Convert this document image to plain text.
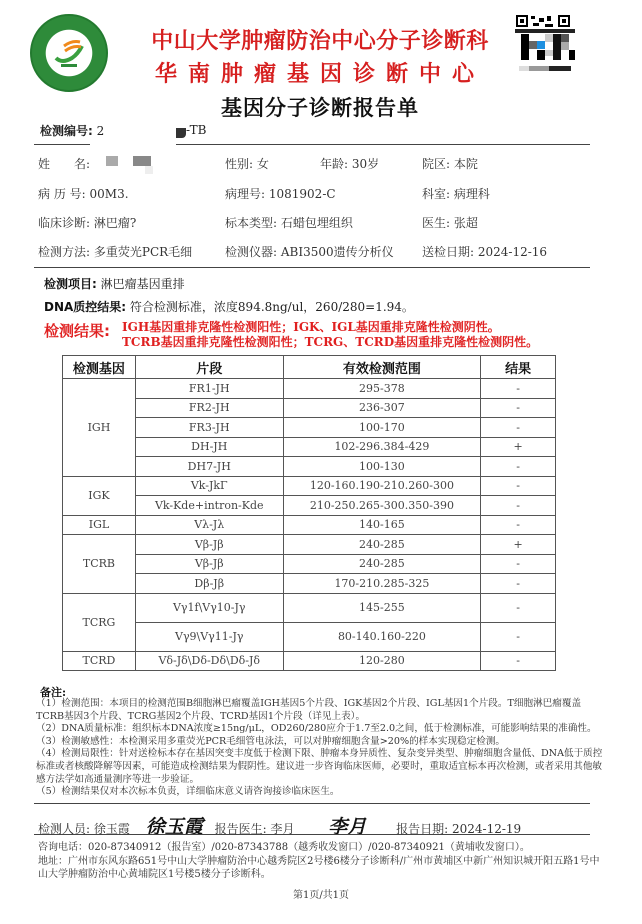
中山大学肿瘤防治中心分子诊断科
华南肿瘤基因诊断中心
基因分子诊断报告单
检测编号: 2	-TB
姓　　名:	性别: 女	年龄: 30岁	院区: 本院
病 历 号: 00M3.	病理号: 1081902-C	科室: 病理科
临床诊断: 淋巴瘤?	标本类型: 石蜡包埋组织	医生: 张超
检测方法: 多重荧光PCR毛细	检测仪器: ABI3500遗传分析仪 送检日期: 2024-12-16
检测项目: 淋巴瘤基因重排
DNA质控结果: 符合检测标准，浓度894.8ng/ul，260/280=1.94。
检测结果: IGH基因重排克隆性检测阳性；IGK、IGL基因重排克隆性检测阴性。
TCRB基因重排克隆性检测阳性；TCRG、TCRD基因重排克隆性检测阴性。
检测基因	片段	有效检测范围	结果
IGH	FR1-JH	295-378	-
	FR2-JH	236-307	-
	FR3-JH	100-170	-
	DH-JH	102-296.384-429	+
	DH7-JH	100-130	-
IGK	Vk-JkΓ	120-160.190-210.260-300	-
	Vk-Kde+intron-Kde	210-250.265-300.350-390	-
IGL	Vλ-Jλ	140-165	-
TCRB	Vβ-Jβ	240-285	+
	Vβ-Jβ	240-285	-
	Dβ-Jβ	170-210.285-325	-
TCRG	Vγ1f\Vγ10-Jγ	145-255	-
	Vγ9\Vγ11-Jγ	80-140.160-220	-
TCRD	Vδ-Jδ\Dδ-Dδ\Dδ-Jδ	120-280	-
备注:

（1）检测范围：本项目的检测范围B细胞淋巴瘤覆盖IGH基因5个片段、IGK基因2个片段、IGL基因1个片段。T细胞淋巴瘤覆盖TCRB基因3个片段、TCRG基因2个片段、TCRD基因1个片段（详见上表）。

（2）DNA质量标准：组织标本DNA浓度≥15ng/μL，OD260/280应介于1.7至2.0之间，低于检测标准，可能影响结果的准确性。

（3）检测敏感性：本检测采用多重荧光PCR毛细管电泳法，可以对肿瘤细胞含量>20%的样本实现稳定检测。

（4）检测局限性：针对送检标本存在基因突变丰度低于检测下限、肿瘤本身异质性、复杂变异类型、肿瘤细胞含量低、DNA低于质控标准或者核酸降解等因素，可能造成检测结果为假阴性。建议进一步咨询临床医师，必要时，重取适宜标本再次检测，或者采用其他敏感方法学如高通量测序等进一步验证。

（5）检测结果仅对本次标本负责，详细临床意义请咨询接诊临床医生。

检测人员: 徐玉霞 徐玉霞 报告医生: 李月 李月 报告日期: 2024-12-19

咨询电话：020-87340912（报告室）/020-87343788（越秀收发窗口）/020-87340921（黄埔收发窗口）。

地址：广州市东风东路651号中山大学肿瘤防治中心越秀院区2号楼6楼分子诊断科/广州市黄埔区中新广州知识城开阳五路1号中山大学肿瘤防治中心黄埔院区1号楼5楼分子诊断科。

第1页/共1页
